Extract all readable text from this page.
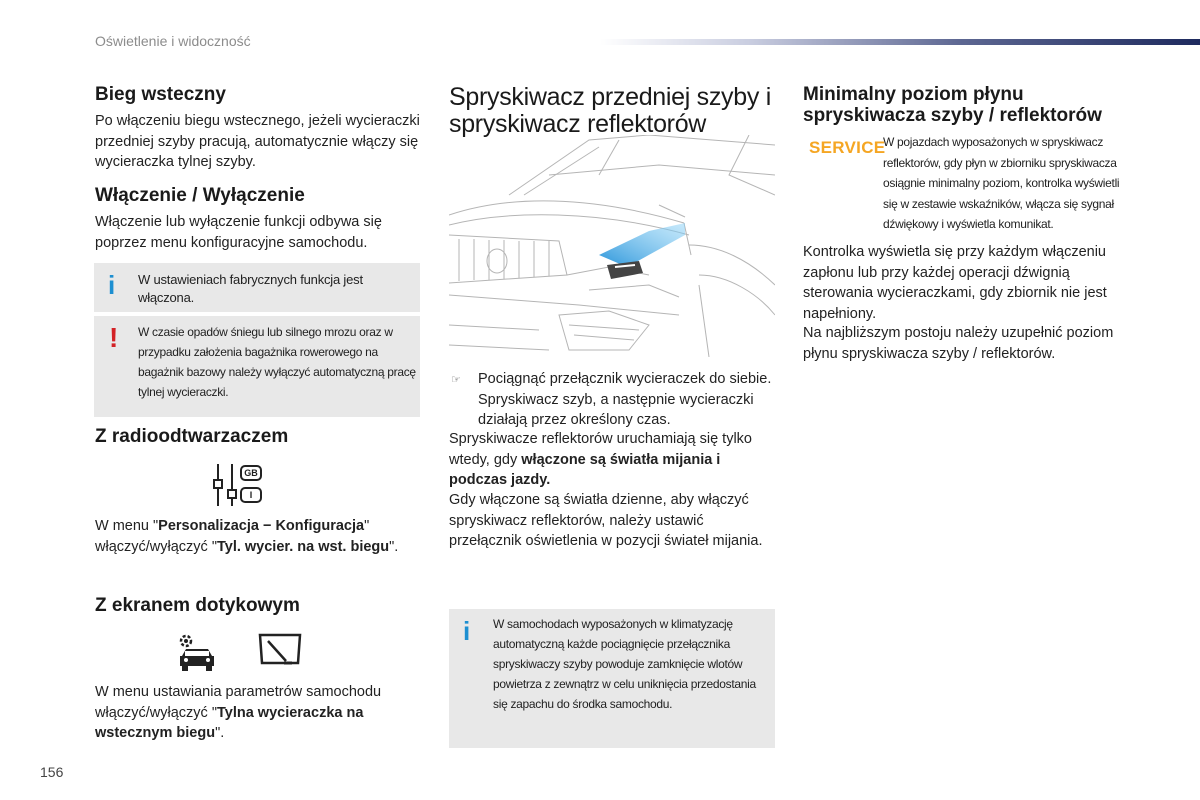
Oświetlenie i widoczność
Bieg wsteczny
Po włączeniu biegu wstecznego, jeżeli wycieraczki przedniej szyby pracują, automatycznie włączy się wycieraczka tylnej szyby.
Włączenie / Wyłączenie
Włączenie lub wyłączenie funkcji odbywa się poprzez menu konfiguracyjne samochodu.
i W ustawieniach fabrycznych funkcja jest włączona.
! W czasie opadów śniegu lub silnego mrozu oraz w przypadku założenia bagażnika rowerowego na bagażnik bazowy należy wyłączyć automatyczną pracę tylnej wycieraczki.
Z radioodtwarzaczem
GB
I
W menu "Personalizacja − Konfiguracja" włączyć/wyłączyć "Tyl. wycier. na wst. biegu".
Z ekranem dotykowym
W menu ustawiania parametrów samochodu włączyć/wyłączyć "Tylna wycieraczka na wstecznym biegu".
Spryskiwacz przedniej szyby i spryskiwacz reflektorów
☞	Pociągnąć przełącznik wycieraczek do siebie. Spryskiwacz szyb, a następnie wycieraczki działają przez określony czas.
Spryskiwacze reflektorów uruchamiają się tylko wtedy, gdy włączone są światła mijania i podczas jazdy.
Gdy włączone są światła dzienne, aby włączyć spryskiwacz reflektorów, należy ustawić przełącznik oświetlenia w pozycji świateł mijania.
i W samochodach wyposażonych w klimatyzację automatyczną każde pociągnięcie przełącznika spryskiwaczy szyby powoduje zamknięcie wlotów powietrza z zewnątrz w celu uniknięcia przedostania się zapachu do środka samochodu.
Minimalny poziom płynu spryskiwacza szyby / reflektorów
SERVICE
W pojazdach wyposażonych w spryskiwacz reflektorów, gdy płyn w zbiorniku spryskiwacza osiągnie minimalny poziom, kontrolka wyświetli się w zestawie wskaźników, włącza się sygnał dźwiękowy i wyświetla komunikat.
Kontrolka wyświetla się przy każdym włączeniu zapłonu lub przy każdej operacji dźwignią sterowania wycieraczkami, gdy zbiornik nie jest napełniony.
Na najbliższym postoju należy uzupełnić poziom płynu spryskiwacza szyby / reflektorów.
156
